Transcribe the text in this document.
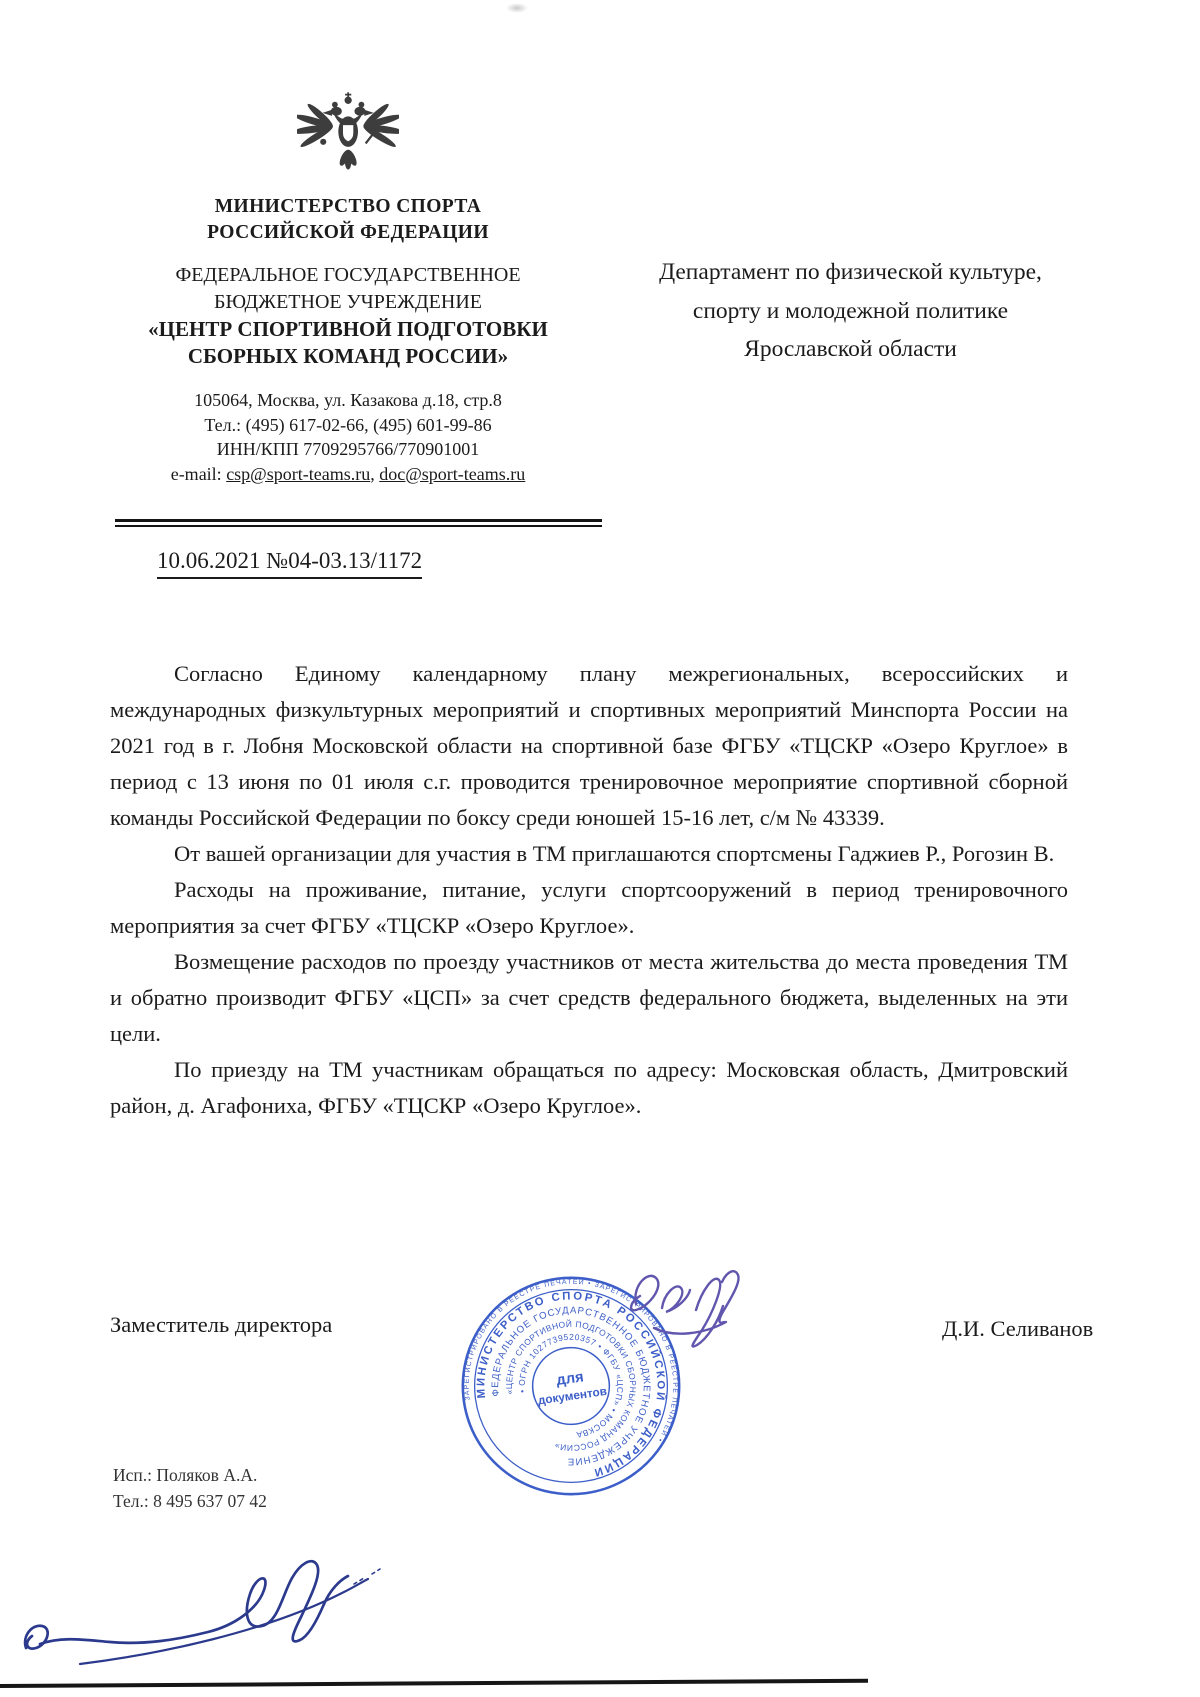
МИНИСТЕРСТВО СПОРТА
РОССИЙСКОЙ ФЕДЕРАЦИИ
ФЕДЕРАЛЬНОЕ ГОСУДАРСТВЕННОЕ
БЮДЖЕТНОЕ УЧРЕЖДЕНИЕ
«ЦЕНТР СПОРТИВНОЙ ПОДГОТОВКИ
СБОРНЫХ КОМАНД РОССИИ»
105064, Москва, ул. Казакова д.18, стр.8
Тел.: (495) 617-02-66, (495) 601-99-86
ИНН/КПП 7709295766/770901001
e-mail: csp@sport-teams.ru, doc@sport-teams.ru
Департамент по физической культуре,
спорту и молодежной политике
Ярославской области
10.06.2021 №04-03.13/1172

Согласно Единому календарному плану межрегиональных, всероссийских и международных физкультурных мероприятий и спортивных мероприятий Минспорта России на 2021 год в г. Лобня Московской области на спортивной базе ФГБУ «ТЦСКР «Озеро Круглое» в период с 13 июня по 01 июля с.г. проводится тренировочное мероприятие спортивной сборной команды Российской Федерации по боксу среди юношей 15-16 лет, с/м № 43339.

От вашей организации для участия в ТМ приглашаются спортсмены Гаджиев Р., Рогозин В.

Расходы на проживание, питание, услуги спортсооружений в период тренировочного мероприятия за счет ФГБУ «ТЦСКР «Озеро Круглое».

Возмещение расходов по проезду участников от места жительства до места проведения ТМ и обратно производит ФГБУ «ЦСП» за счет средств федерального бюджета, выделенных на эти цели.

По приезду на ТМ участникам обращаться по адресу: Московская область, Дмитровский район, д. Агафониха, ФГБУ «ТЦСКР «Озеро Круглое».

Заместитель директора	Д.И. Селиванов
ЗАРЕГИСТРИРОВАНО В РЕЕСТРЕ ПЕЧАТЕЙ • ЗАРЕГИСТРИРОВАНО В РЕЕСТРЕ ПЕЧАТЕЙ •
МИНИСТЕРСТВО СПОРТА РОССИЙСКОЙ ФЕДЕРАЦИИ
ФЕДЕРАЛЬНОЕ ГОСУДАРСТВЕННОЕ БЮДЖЕТНОЕ УЧРЕЖДЕНИЕ
«ЦЕНТР СПОРТИВНОЙ ПОДГОТОВКИ СБОРНЫХ КОМАНД РОССИИ»
• ОГРН 1027739520357 • ФГБУ «ЦСП» • МОСКВА
для
документов
Исп.: Поляков А.А.
Тел.: 8 495 637 07 42
